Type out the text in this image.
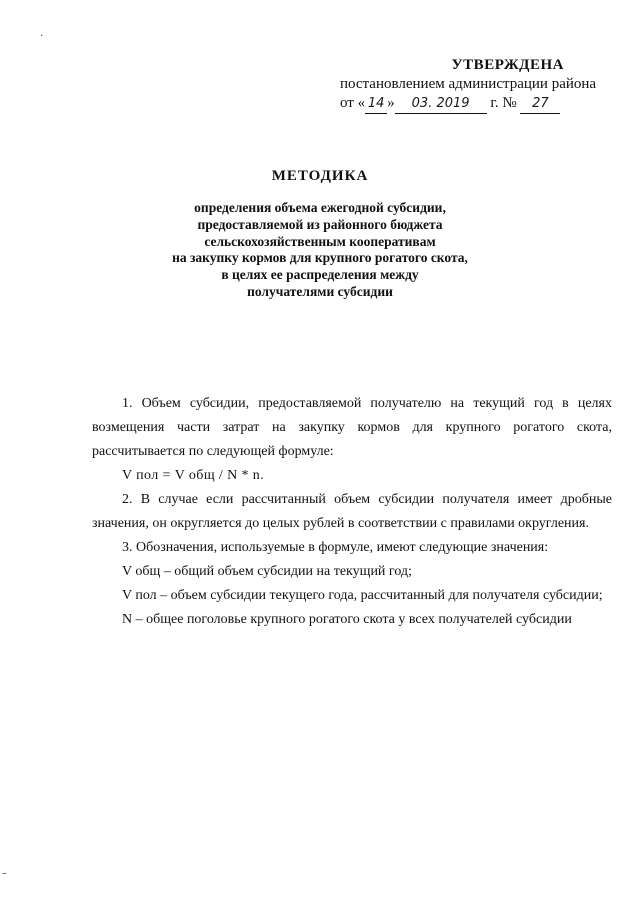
.
–
УТВЕРЖДЕНА
постановлением администрации района
от « 14 » 03. 2019 г. № 27
МЕТОДИКА
определения объема ежегодной субсидии,
предоставляемой из районного бюджета
сельскохозяйственным кооперативам
на закупку кормов для крупного рогатого скота,
в целях ее распределения между
получателями субсидии

1. Объем субсидии, предоставляемой получателю на текущий год в целях возмещения части затрат на закупку кормов для крупного рогатого скота, рассчитывается по следующей формуле:

V пол = V общ / N * n.

2. В случае если рассчитанный объем субсидии получателя имеет дробные значения, он округляется до целых рублей в соответствии с правилами округления.

3. Обозначения, используемые в формуле, имеют следующие значения:

V общ – общий объем субсидии на текущий год;

V пол – объем субсидии текущего года, рассчитанный для получателя субсидии;

N – общее поголовье крупного рогатого скота у всех получателей субсидии
